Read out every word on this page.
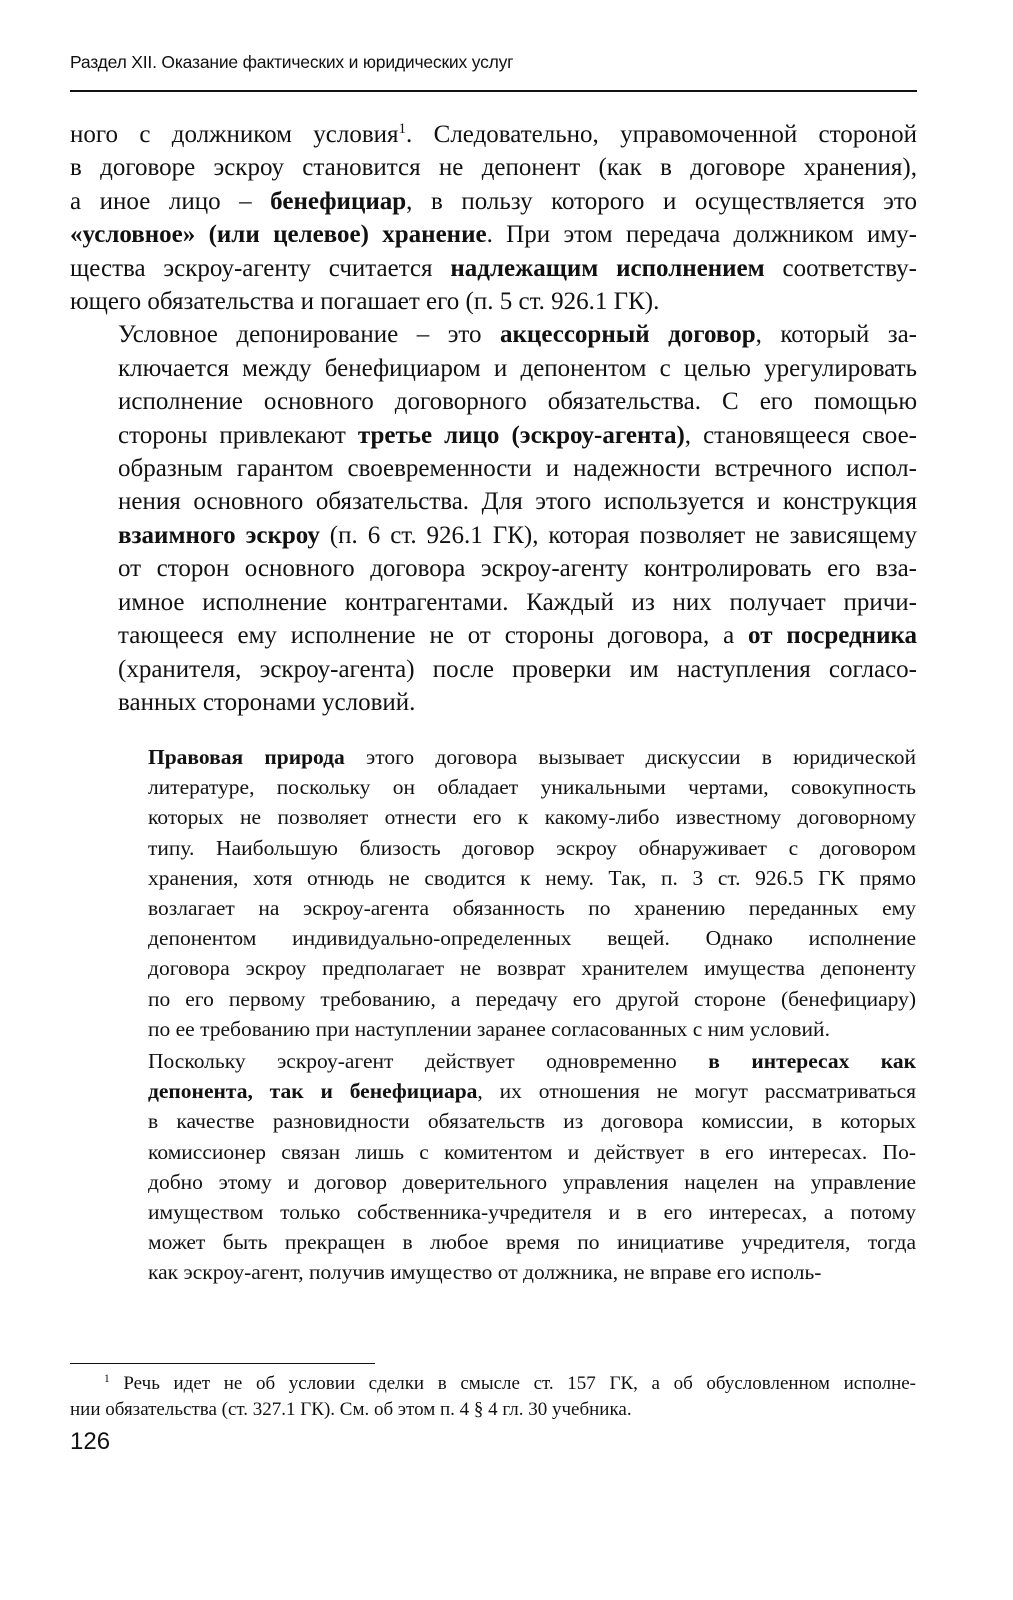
Раздел XII. Оказание фактических и юридических услуг

ного с должником условия$^1$. Следовательно, управомоченной стороной
в договоре эскроу становится не депонент (как в договоре хранения),
а иное лицо – бенефициар, в пользу которого и осуществляется это
«условное» (или целевое) хранение. При этом передача должником иму-
щества эскроу-агенту считается надлежащим исполнением соответству-
ющего обязательства и погашает его (п. 5 ст. 926.1 ГК).

Условное депонирование – это акцессорный договор, который за-
ключается между бенефициаром и депонентом с целью урегулировать
исполнение основного договорного обязательства. С его помощью
стороны привлекают третье лицо (эскроу-агента), становящееся свое-
образным гарантом своевременности и надежности встречного испол-
нения основного обязательства. Для этого используется и конструкция
взаимного эскроу (п. 6 ст. 926.1 ГК), которая позволяет не зависящему
от сторон основного договора эскроу-агенту контролировать его вза-
имное исполнение контрагентами. Каждый из них получает причи-
тающееся ему исполнение не от стороны договора, а от посредника
(хранителя, эскроу-агента) после проверки им наступления согласо-
ванных сторонами условий.

Правовая природа этого договора вызывает дискуссии в юридической
литературе, поскольку он обладает уникальными чертами, совокупность
которых не позволяет отнести его к какому-либо известному договорному
типу. Наибольшую близость договор эскроу обнаруживает с договором
хранения, хотя отнюдь не сводится к нему. Так, п. 3 ст. 926.5 ГК прямо
возлагает на эскроу-агента обязанность по хранению переданных ему
депонентом индивидуально-определенных вещей. Однако исполнение
договора эскроу предполагает не возврат хранителем имущества депоненту
по его первому требованию, а передачу его другой стороне (бенефициару)
по ее требованию при наступлении заранее согласованных с ним условий.

Поскольку эскроу-агент действует одновременно в интересах как
депонента, так и бенефициара, их отношения не могут рассматриваться
в качестве разновидности обязательств из договора комиссии, в которых
комиссионер связан лишь с комитентом и действует в его интересах. По-
добно этому и договор доверительного управления нацелен на управление
имуществом только собственника-учредителя и в его интересах, а потому
может быть прекращен в любое время по инициативе учредителя, тогда
как эскроу-агент, получив имущество от должника, не вправе его исполь-

$^1$ Речь идет не об условии сделки в смысле ст. 157 ГК, а об обусловленном исполне-
нии обязательства (ст. 327.1 ГК). См. об этом п. 4 § 4 гл. 30 учебника.
126
